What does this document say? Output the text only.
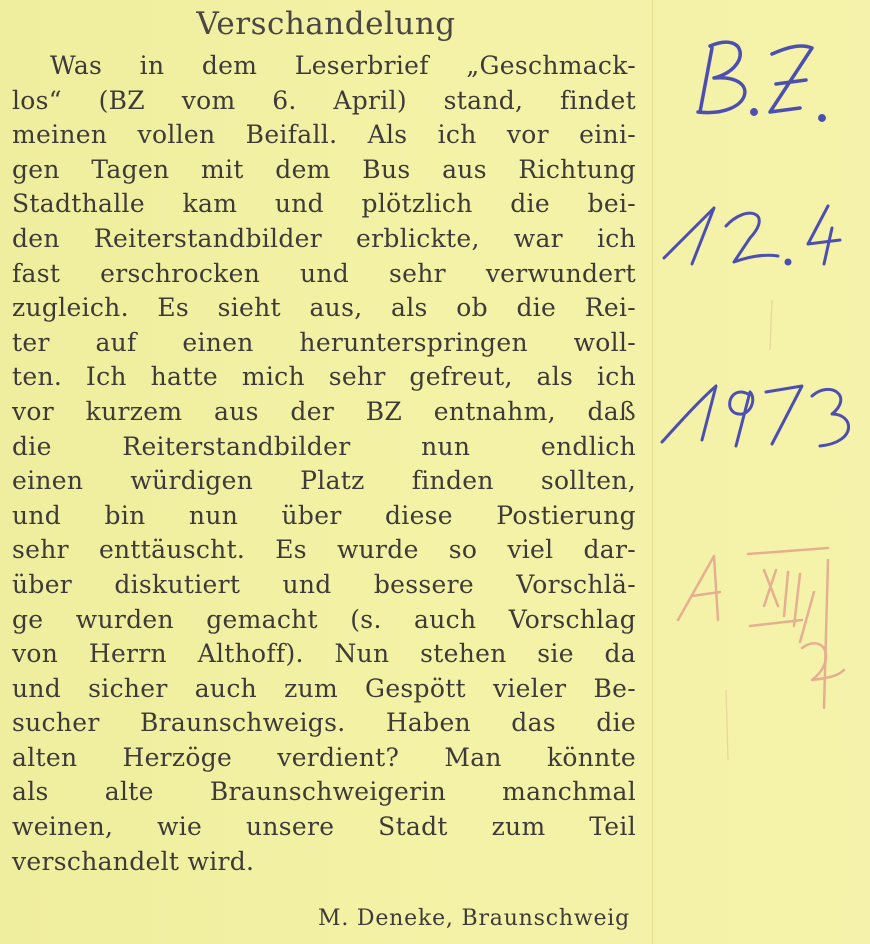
Verschandelung
Was in dem Leserbrief „Geschmack-
los“ (BZ vom 6. April) stand, findet
meinen vollen Beifall. Als ich vor eini-
gen Tagen mit dem Bus aus Richtung
Stadthalle kam und plötzlich die bei-
den Reiterstandbilder erblickte, war ich
fast erschrocken und sehr verwundert
zugleich. Es sieht aus, als ob die Rei-
ter auf einen herunterspringen woll-
ten. Ich hatte mich sehr gefreut, als ich
vor kurzem aus der BZ entnahm, daß
die Reiterstandbilder nun endlich
einen würdigen Platz finden sollten,
und bin nun über diese Postierung
sehr enttäuscht. Es wurde so viel dar-
über diskutiert und bessere Vorschlä-
ge wurden gemacht (s. auch Vorschlag
von Herrn Althoff). Nun stehen sie da
und sicher auch zum Gespött vieler Be-
sucher Braunschweigs. Haben das die
alten Herzöge verdient? Man könnte
als alte Braunschweigerin manchmal
weinen, wie unsere Stadt zum Teil
verschandelt wird.
M. Deneke, Braunschweig
